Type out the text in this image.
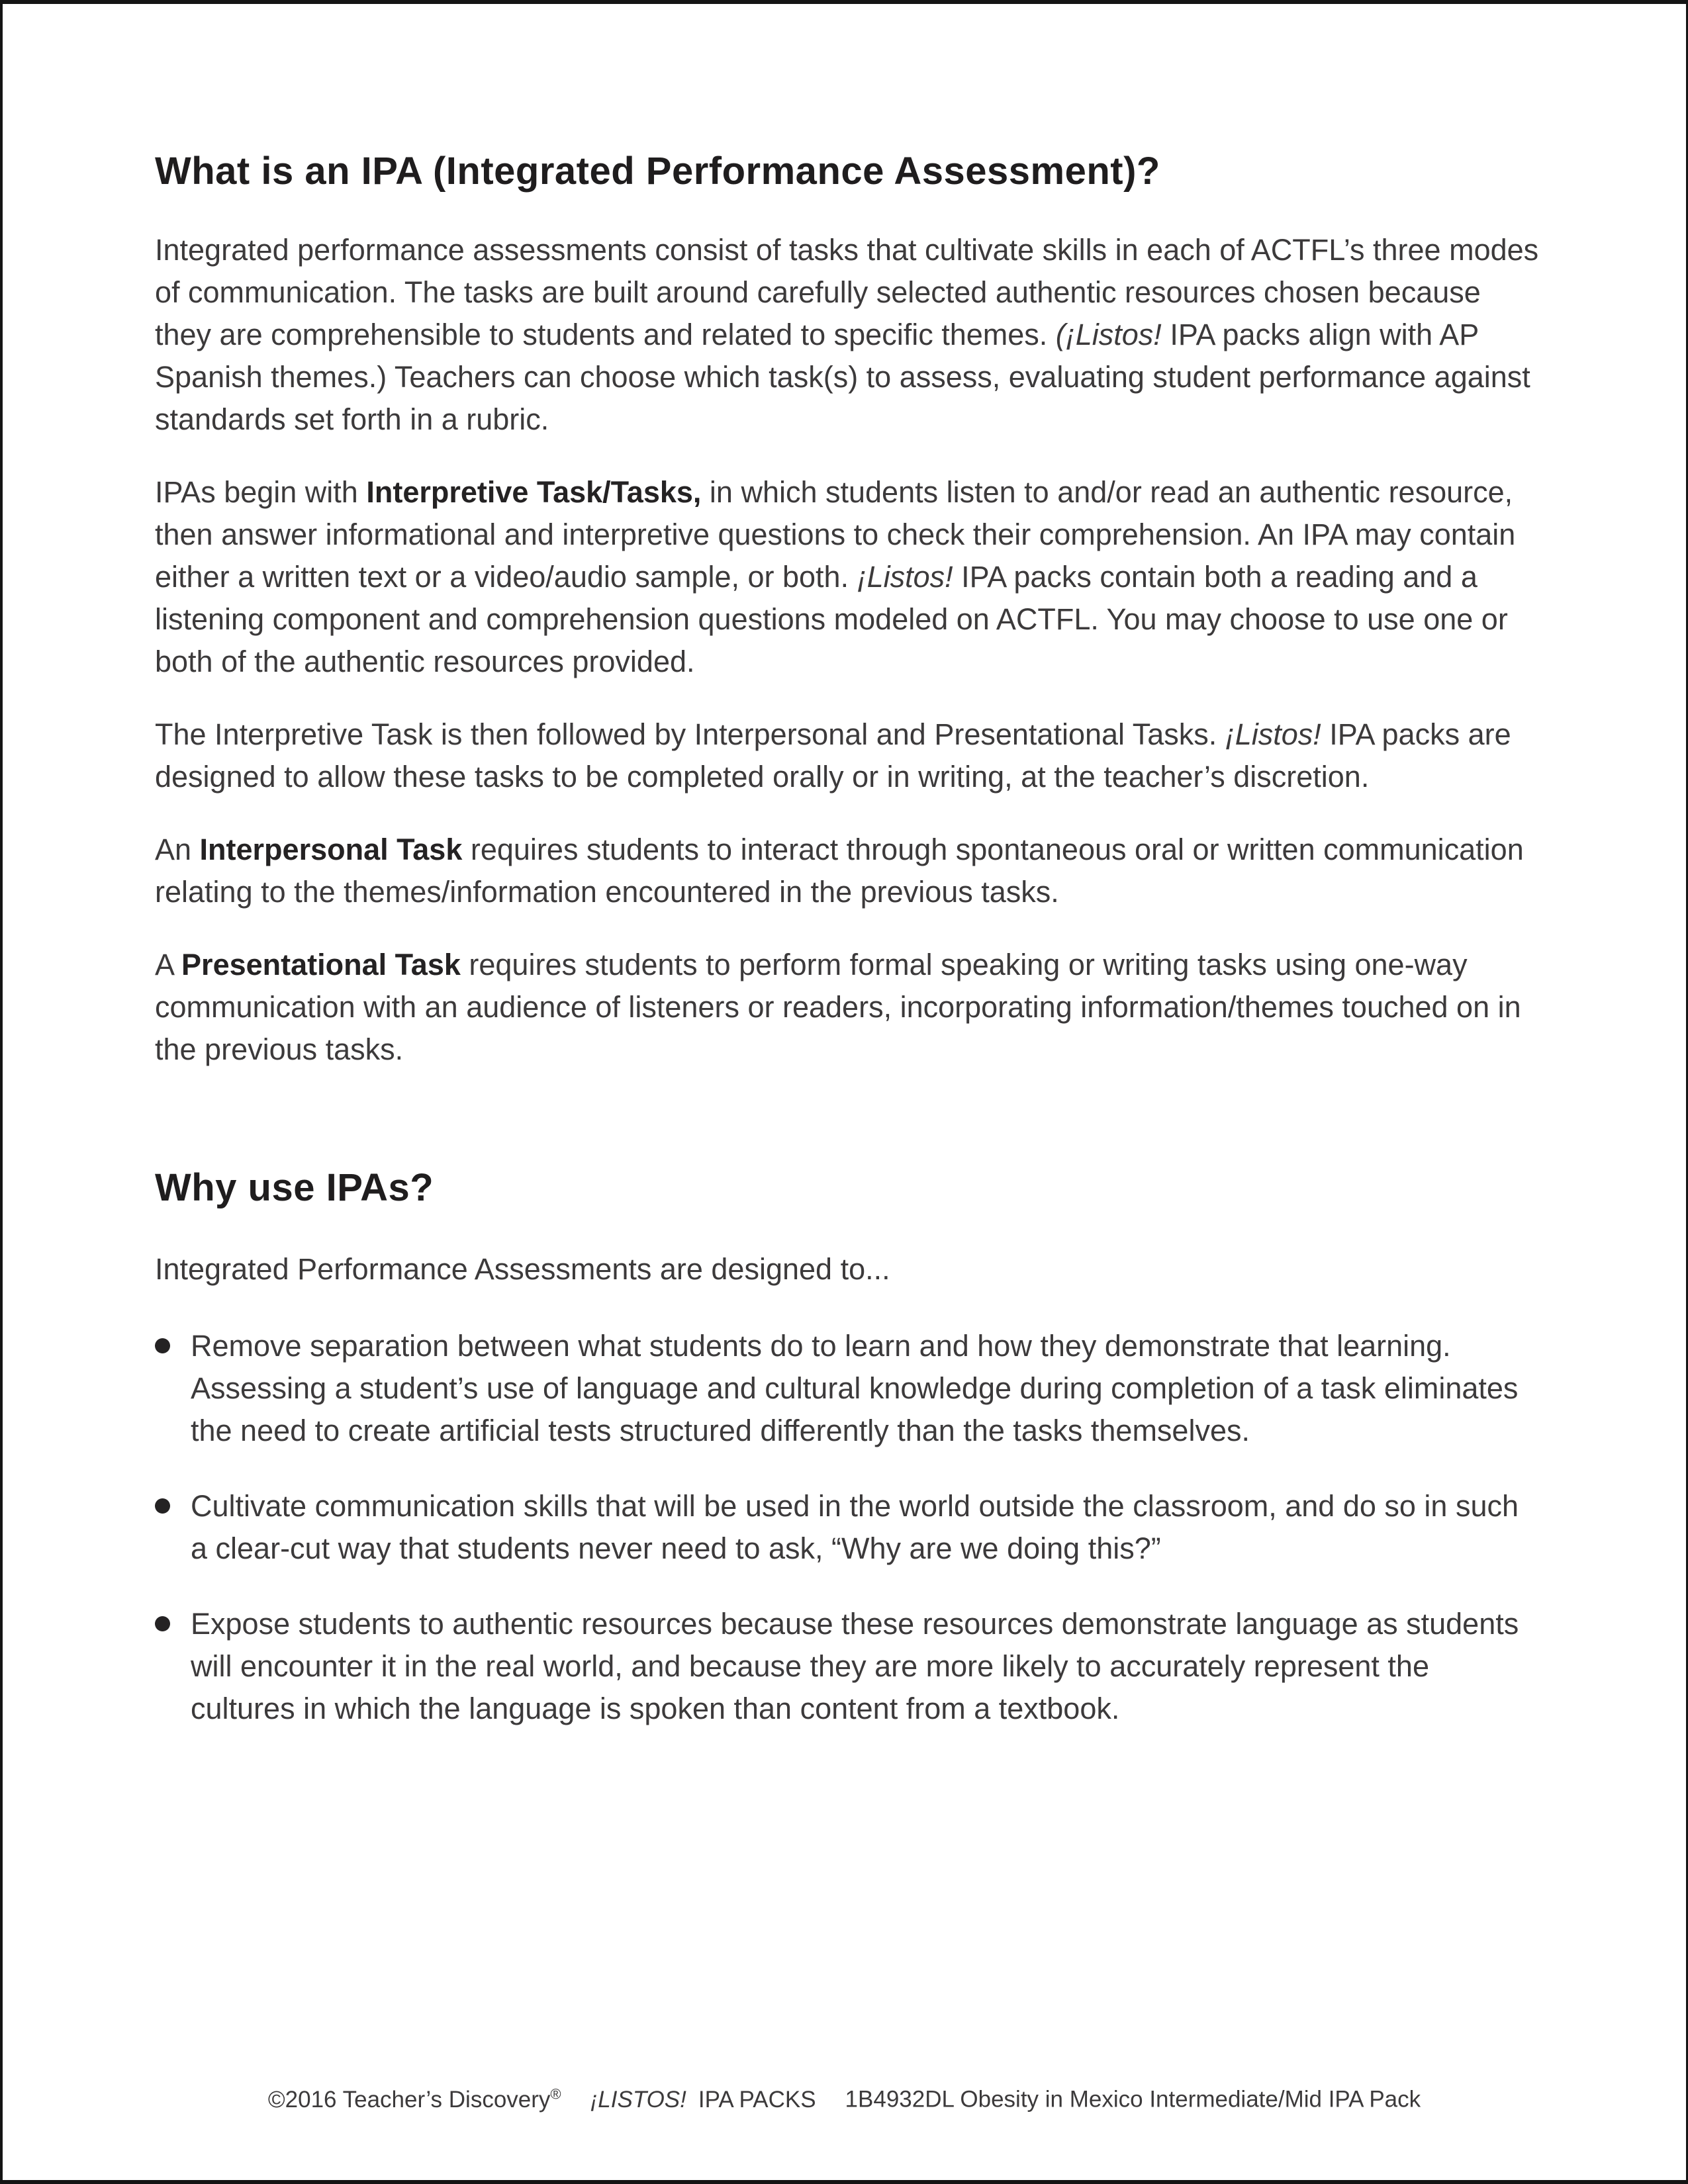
What is an IPA (Integrated Performance Assessment)?

Integrated performance assessments consist of tasks that cultivate skills in each of ACTFL’s three modes of communication. The tasks are built around carefully selected authentic resources chosen because they are comprehensible to students and related to specific themes. (¡Listos! IPA packs align with AP Spanish themes.) Teachers can choose which task(s) to assess, evaluating student performance against standards set forth in a rubric.

IPAs begin with Interpretive Task/Tasks, in which students listen to and/or read an authentic resource, then answer informational and interpretive questions to check their comprehension. An IPA may contain either a written text or a video/audio sample, or both. ¡Listos! IPA packs contain both a reading and a listening component and comprehension questions modeled on ACTFL. You may choose to use one or both of the authentic resources provided.

The Interpretive Task is then followed by Interpersonal and Presentational Tasks. ¡Listos! IPA packs are designed to allow these tasks to be completed orally or in writing, at the teacher’s discretion.

An Interpersonal Task requires students to interact through spontaneous oral or written communication relating to the themes/information encountered in the previous tasks.

A Presentational Task requires students to perform formal speaking or writing tasks using one-way communication with an audience of listeners or readers, incorporating information/themes touched on in the previous tasks.

Why use IPAs?

Integrated Performance Assessments are designed to...

Remove separation between what students do to learn and how they demonstrate that learning. Assessing a student’s use of language and cultural knowledge during completion of a task eliminates the need to create artificial tests structured differently than the tasks themselves.
Cultivate communication skills that will be used in the world outside the classroom, and do so in such a clear-cut way that students never need to ask, “Why are we doing this?”
Expose students to authentic resources because these resources demonstrate language as students will encounter it in the real world, and because they are more likely to accurately represent the cultures in which the language is spoken than content from a textbook.
©2016 Teacher’s Discovery® ¡LISTOS! IPA PACKS 1B4932DL Obesity in Mexico Intermediate/Mid IPA Pack
